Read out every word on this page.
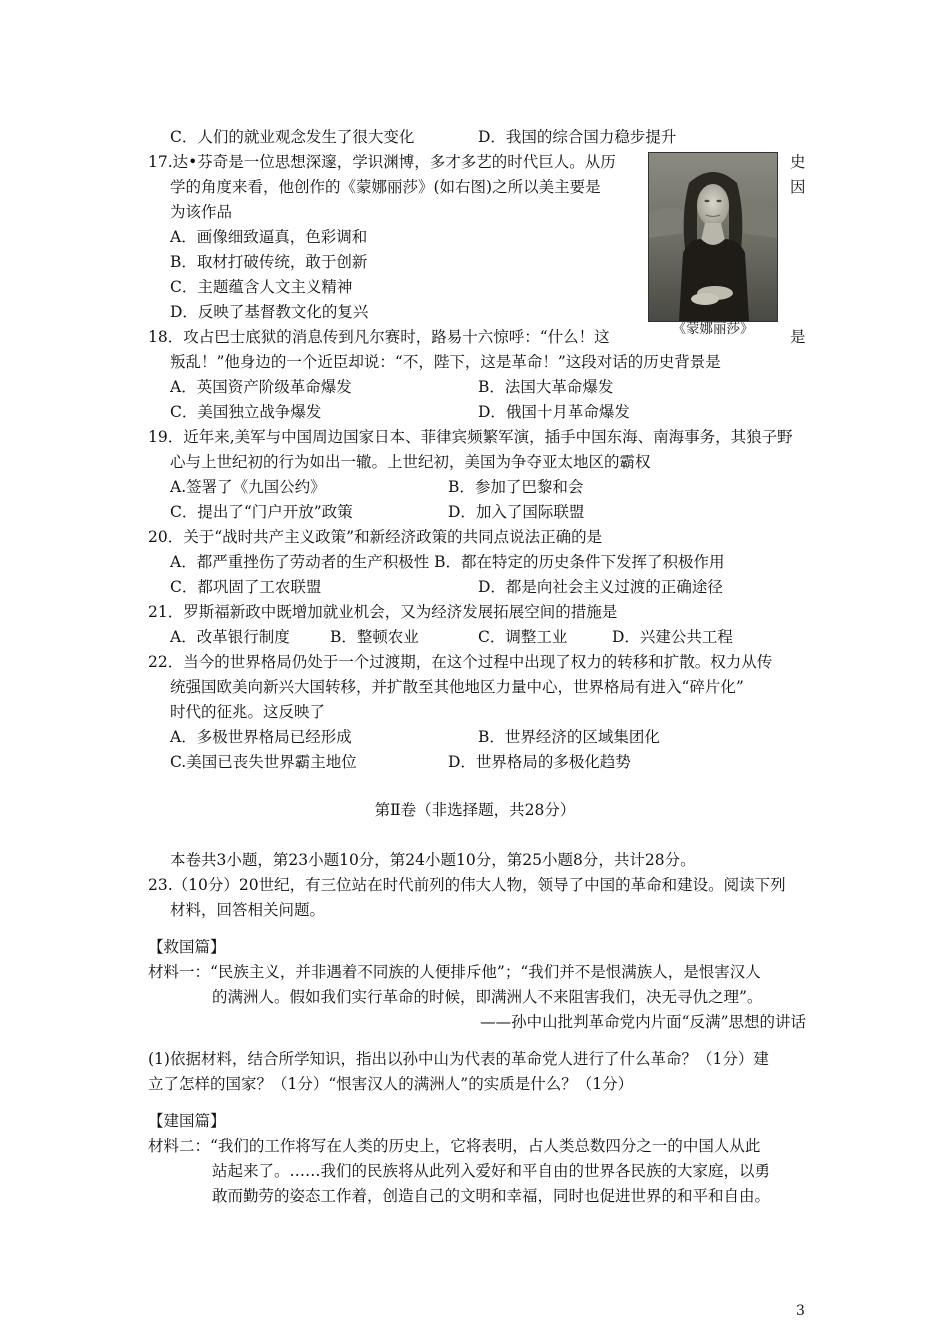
C．人们的就业观念发生了很大变化	D．我国的综合国力稳步提升
17.达•芬奇是一位思想深邃，学识渊博，多才多艺的时代巨人。从历	史
学的角度来看，他创作的《蒙娜丽莎》(如右图)之所以美主要是	因
为该作品
A．画像细致逼真，色彩调和
B．取材打破传统，敢于创新
C．主题蕴含人文主义精神
D．反映了基督教文化的复兴
《蒙娜丽莎》
18．攻占巴士底狱的消息传到凡尔赛时，路易十六惊呼：“什么！这	是
叛乱！”他身边的一个近臣却说：“不，陛下，这是革命！”这段对话的历史背景是
A．英国资产阶级革命爆发	B．法国大革命爆发
C．美国独立战争爆发	D．俄国十月革命爆发
19．近年来,美军与中国周边国家日本、菲律宾频繁军演，插手中国东海、南海事务，其狼子野
心与上世纪初的行为如出一辙。上世纪初，美国为争夺亚太地区的霸权
A.签署了《九国公约》	B．参加了巴黎和会
C．提出了“门户开放”政策	D．加入了国际联盟
20．关于“战时共产主义政策”和新经济政策的共同点说法正确的是
A．都严重挫伤了劳动者的生产积极性 B．都在特定的历史条件下发挥了积极作用
C．都巩固了工农联盟	D．都是向社会主义过渡的正确途径
21．罗斯福新政中既增加就业机会，又为经济发展拓展空间的措施是
A．改革银行制度	B．整顿农业	C．调整工业	D．兴建公共工程
22．当今的世界格局仍处于一个过渡期，在这个过程中出现了权力的转移和扩散。权力从传
统强国欧美向新兴大国转移，并扩散至其他地区力量中心，世界格局有进入“碎片化”
时代的征兆。这反映了
A．多极世界格局已经形成	B．世界经济的区域集团化
C.美国已丧失世界霸主地位	D．世界格局的多极化趋势
第Ⅱ卷（非选择题，共28分）
本卷共3小题，第23小题10分，第24小题10分，第25小题8分，共计28分。
23.（10分）20世纪，有三位站在时代前列的伟大人物，领导了中国的革命和建设。阅读下列
材料，回答相关问题。
【救国篇】
材料一：“民族主义，并非遇着不同族的人便排斥他”；“我们并不是恨满族人，是恨害汉人
的满洲人。假如我们实行革命的时候，即满洲人不来阻害我们，决无寻仇之理”。
——孙中山批判革命党内片面“反满”思想的讲话
(1)依据材料，结合所学知识，指出以孙中山为代表的革命党人进行了什么革命？（1分）建
立了怎样的国家？（1分）“恨害汉人的满洲人”的实质是什么？（1分）
【建国篇】
材料二：“我们的工作将写在人类的历史上，它将表明，占人类总数四分之一的中国人从此
站起来了。……我们的民族将从此列入爱好和平自由的世界各民族的大家庭，以勇
敢而勤劳的姿态工作着，创造自己的文明和幸福，同时也促进世界的和平和自由。
3
